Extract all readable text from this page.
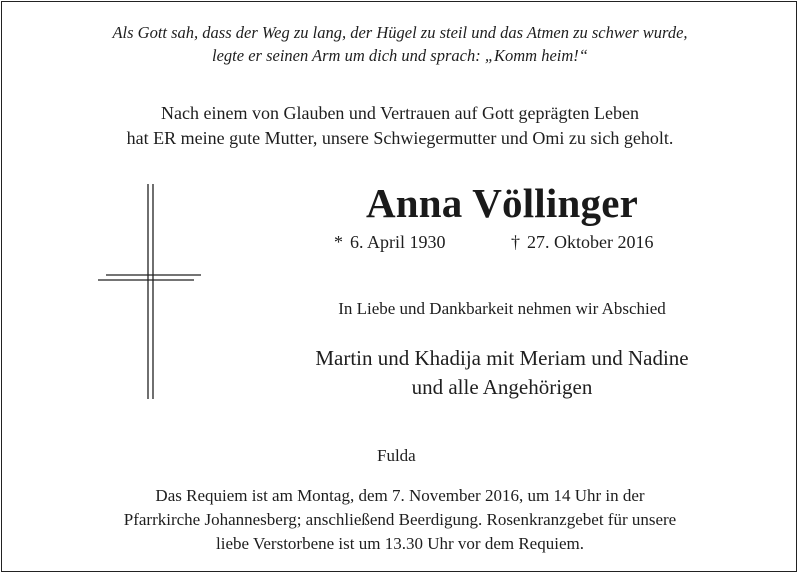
Als Gott sah, dass der Weg zu lang, der Hügel zu steil und das Atmen zu schwer wurde,
legte er seinen Arm um dich und sprach: „Komm heim!“
Nach einem von Glauben und Vertrauen auf Gott geprägten Leben
hat ER meine gute Mutter, unsere Schwiegermutter und Omi zu sich geholt.
Anna Völlinger
* 6. April 1930	† 27. Oktober 2016
In Liebe und Dankbarkeit nehmen wir Abschied
Martin und Khadija mit Meriam und Nadine
und alle Angehörigen
Fulda
Das Requiem ist am Montag, dem 7. November 2016, um 14 Uhr in der
Pfarrkirche Johannesberg; anschließend Beerdigung. Rosenkranzgebet für unsere
liebe Verstorbene ist um 13.30 Uhr vor dem Requiem.
